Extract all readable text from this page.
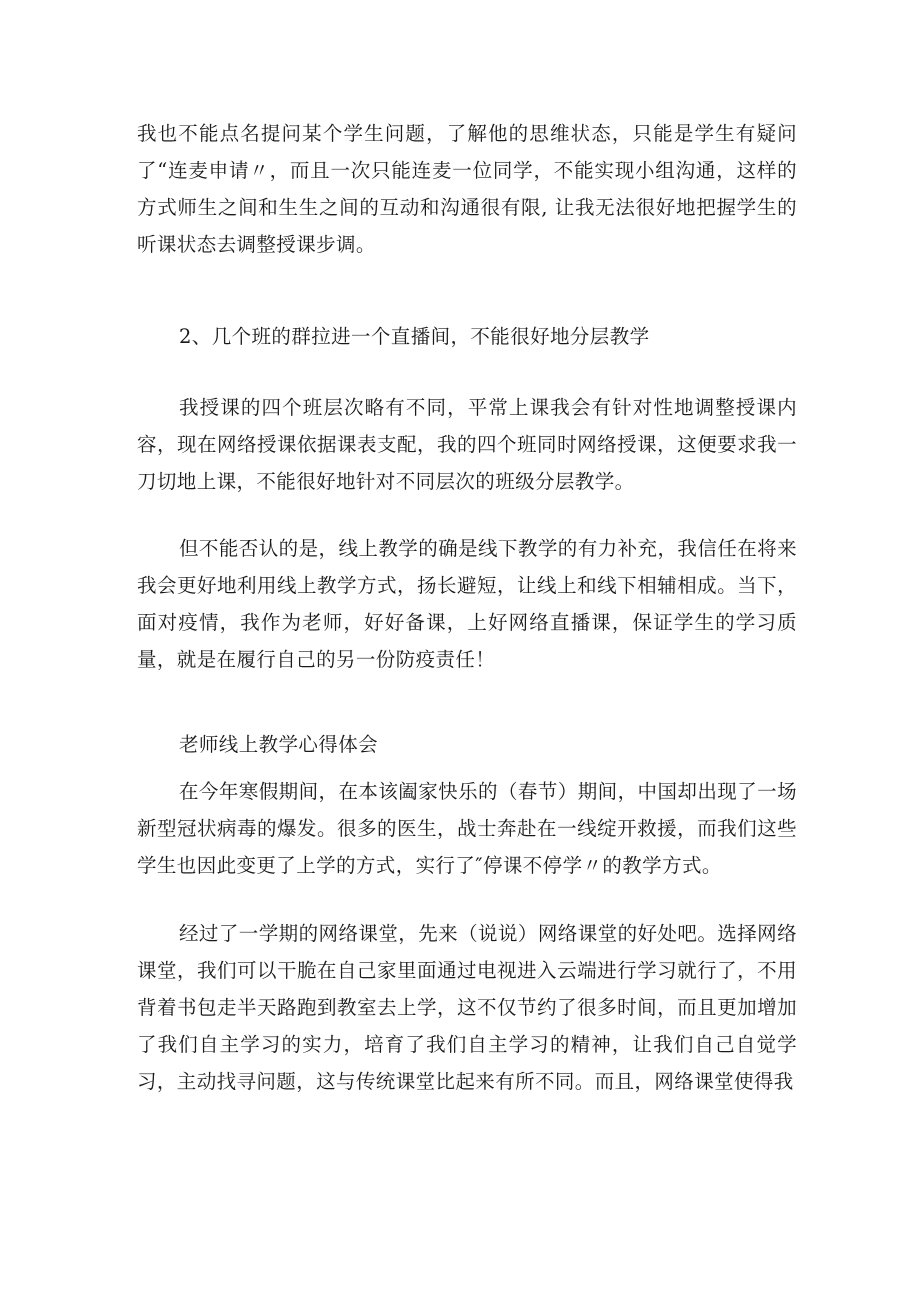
我也不能点名提问某个学生问题，了解他的思维状态，只能是学生有疑问了“连麦申请〃，而且一次只能连麦一位同学，不能实现小组沟通，这样的方式师生之间和生生之间的互动和沟通很有限, 让我无法很好地把握学生的听课状态去调整授课步调。

2、几个班的群拉进一个直播间，不能很好地分层教学

我授课的四个班层次略有不同，平常上课我会有针对性地调整授课内容，现在网络授课依据课表支配，我的四个班同时网络授课，这便要求我一刀切地上课，不能很好地针对不同层次的班级分层教学。

但不能否认的是，线上教学的确是线下教学的有力补充，我信任在将来我会更好地利用线上教学方式，扬长避短，让线上和线下相辅相成。当下，面对疫情，我作为老师，好好备课，上好网络直播课，保证学生的学习质量，就是在履行自己的另一份防疫责任！

老师线上教学心得体会

在今年寒假期间，在本该阖家快乐的（春节）期间，中国却出现了一场新型冠状病毒的爆发。很多的医生，战士奔赴在一线绽开救援，而我们这些学生也因此变更了上学的方式，实行了″停课不停学〃的教学方式。

经过了一学期的网络课堂，先来（说说）网络课堂的好处吧。选择网络课堂，我们可以干脆在自己家里面通过电视进入云端进行学习就行了，不用背着书包走半天路跑到教室去上学，这不仅节约了很多时间，而且更加增加了我们自主学习的实力，培育了我们自主学习的精神，让我们自己自觉学习，主动找寻问题，这与传统课堂比起来有所不同。而且，网络课堂使得我
